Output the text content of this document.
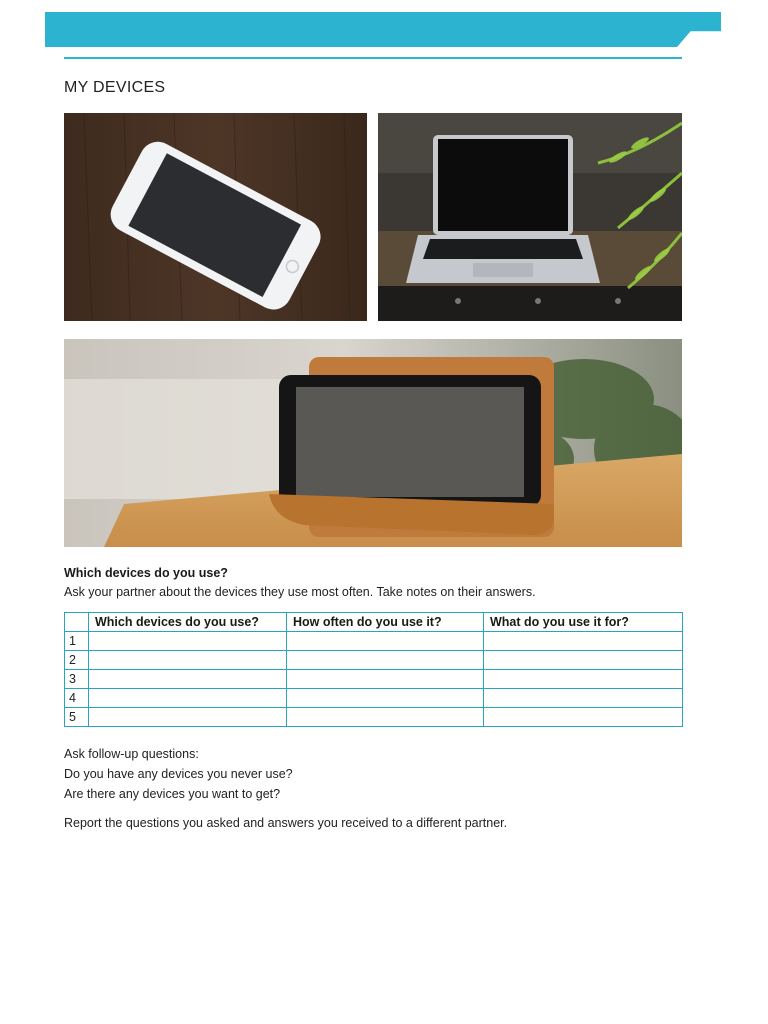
MY DEVICES
Which devices do you use?
Ask your partner about the devices they use most often. Take notes on their answers.
	Which devices do you use?	How often do you use it?	What do you use it for?
1			
2			
3			
4			
5			
Ask follow-up questions:
Do you have any devices you never use?
Are there any devices you want to get?
Report the questions you asked and answers you received to a different partner.
